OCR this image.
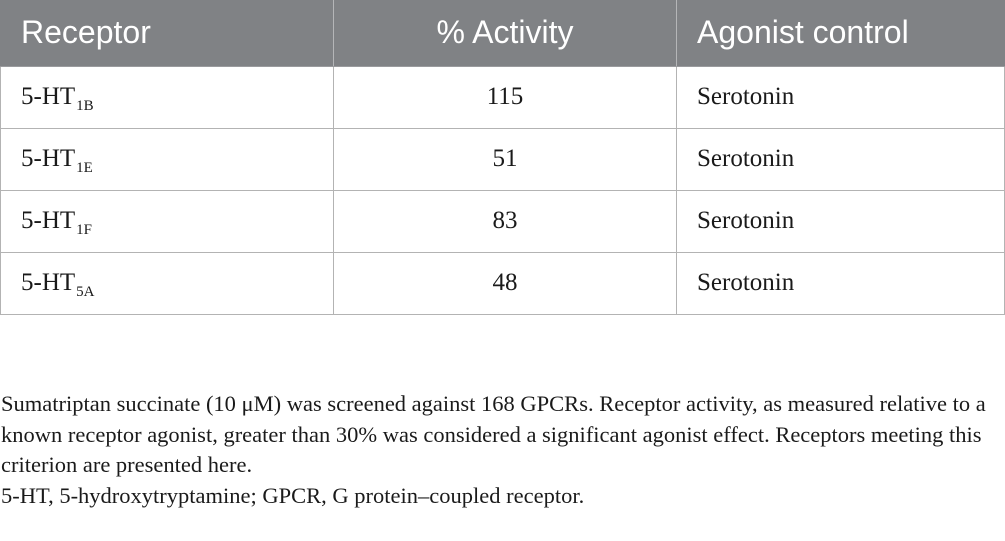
Receptor	% Activity	Agonist control
$5-HT_{1B}$	115	Serotonin
$5-HT_{1E}$	51	Serotonin
$5-HT_{1F}$	83	Serotonin
$5-HT_{5A}$	48	Serotonin

Sumatriptan succinate (10 μM) was screened against 168 GPCRs. Receptor activity, as measured relative to a known receptor agonist, greater than 30% was considered a significant agonist effect. Receptors meeting this criterion are presented here.

5-HT, 5-hydroxytryptamine; GPCR, G protein–coupled receptor.
